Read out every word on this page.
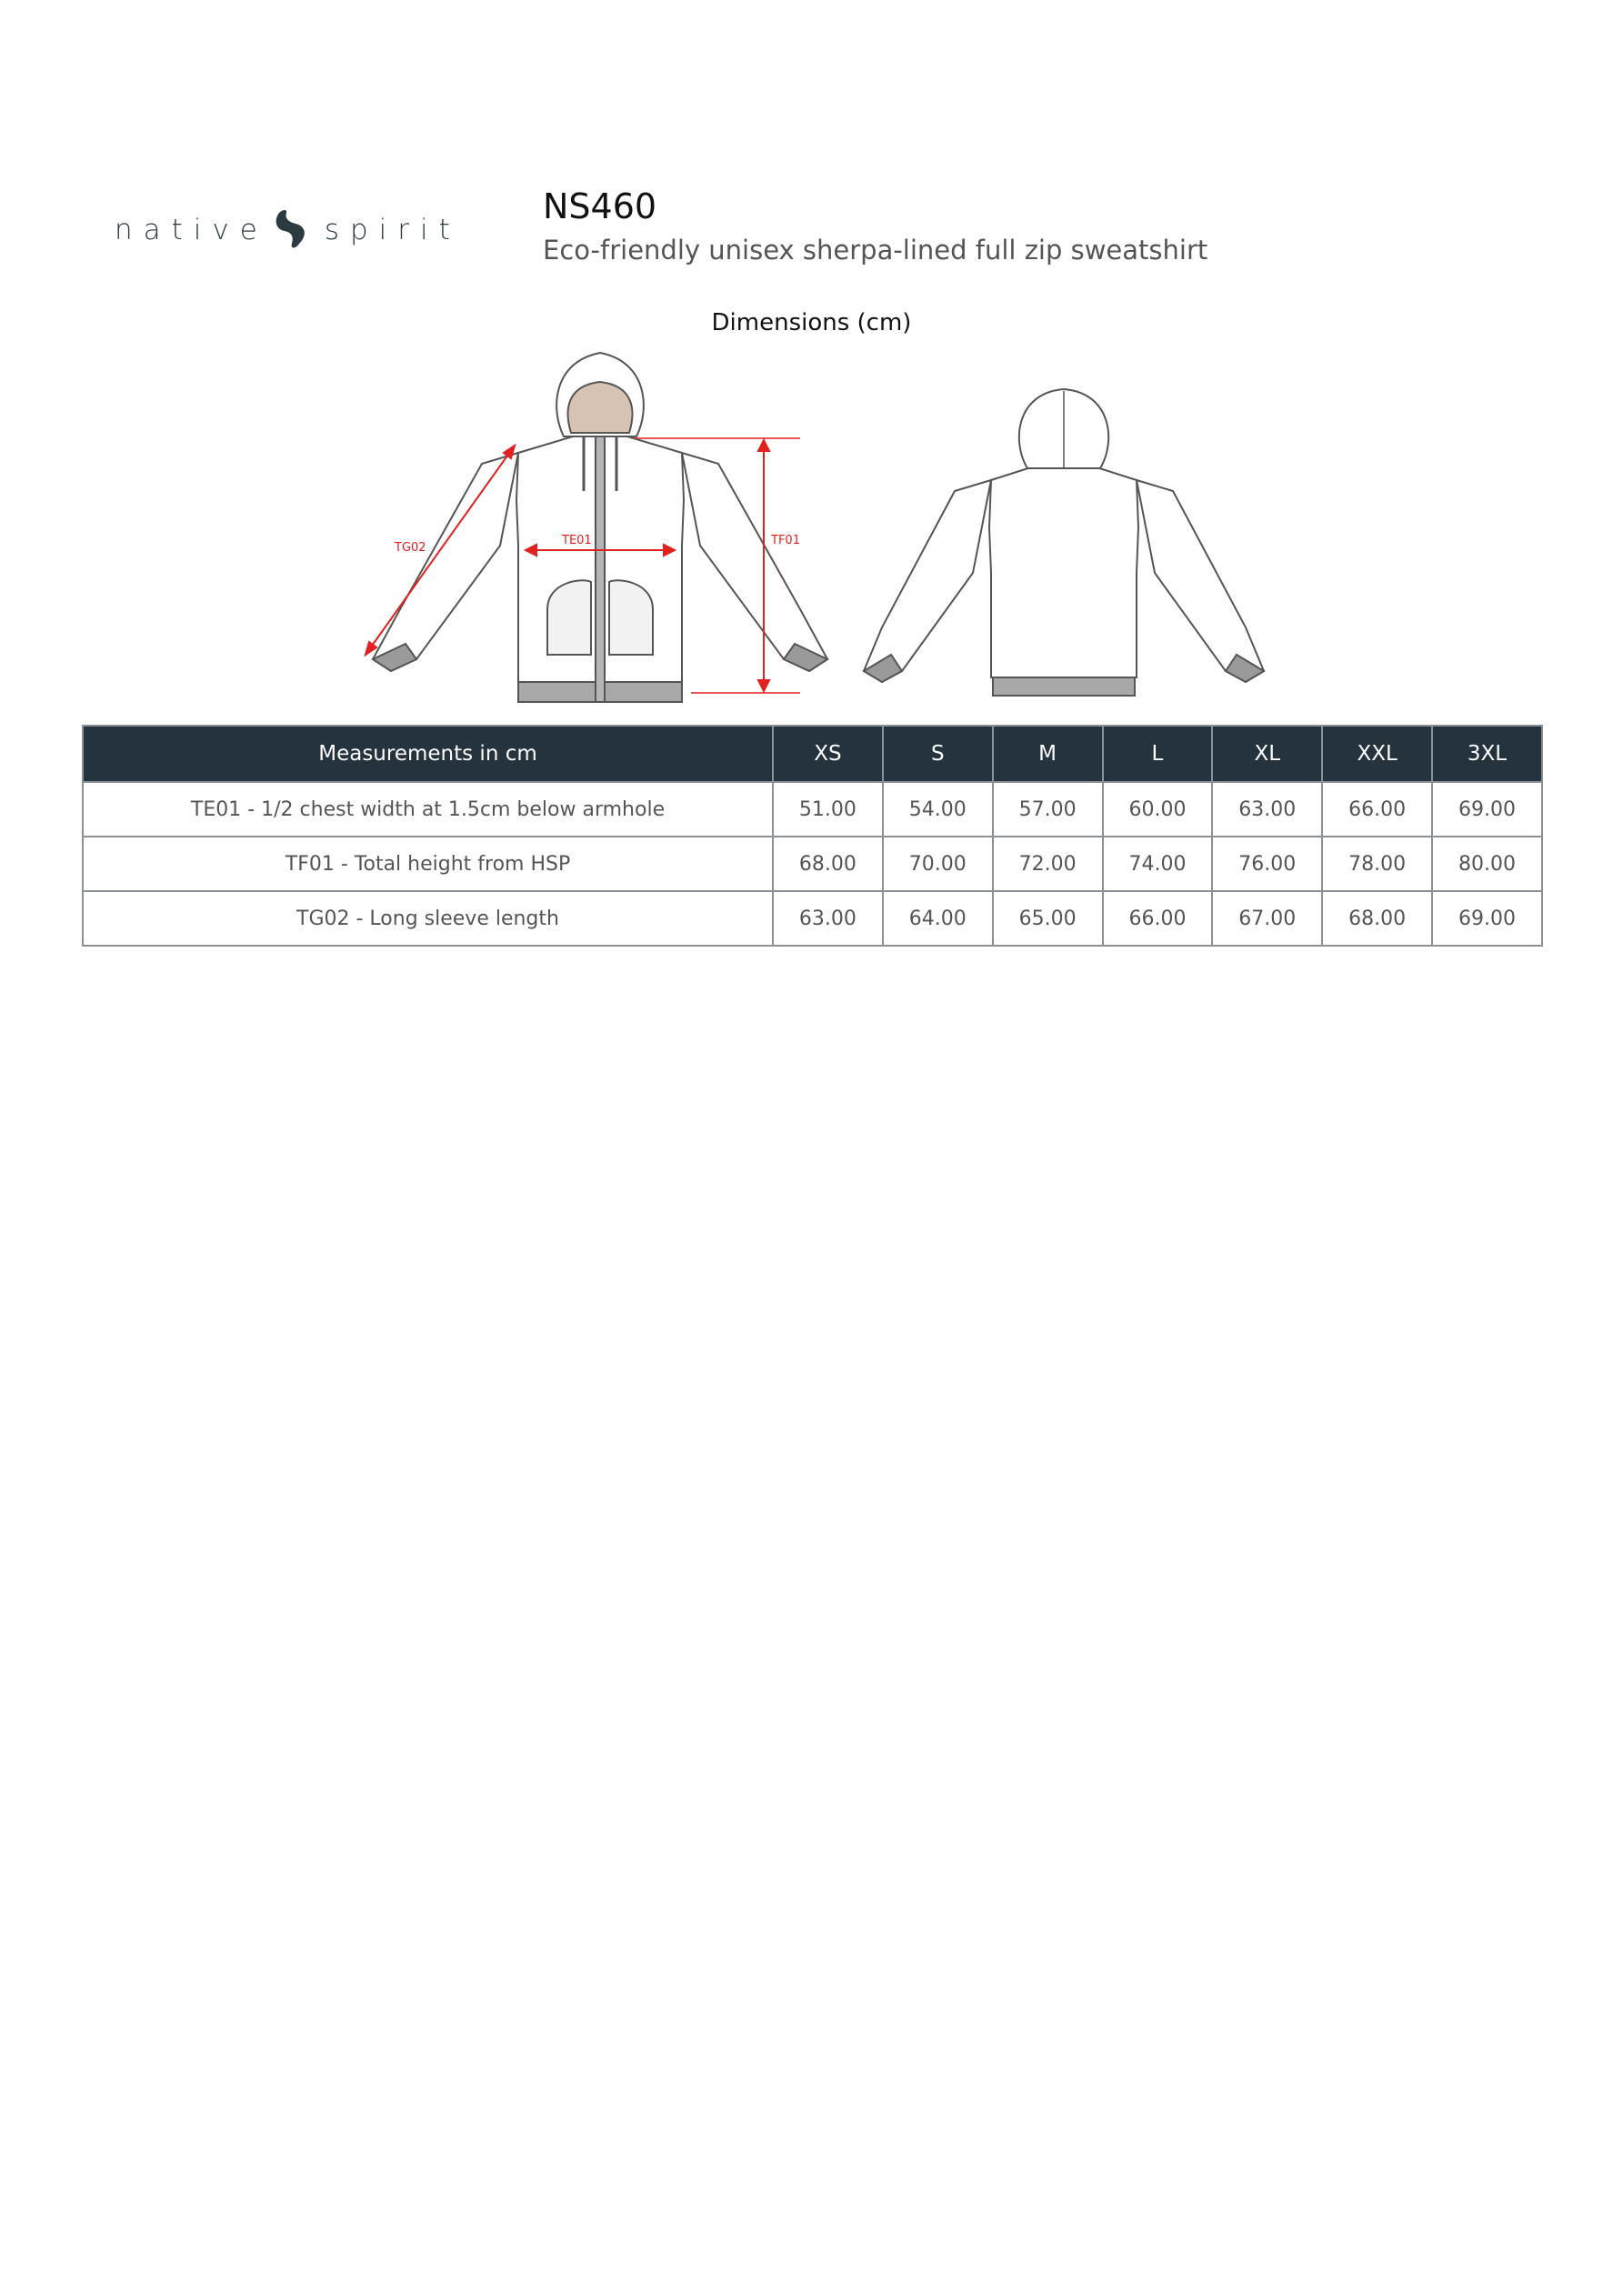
native spirit
NS460
Eco-friendly unisex sherpa-lined full zip sweatshirt
Dimensions (cm)
TE01	TF01
TG02
Measurements in cm	XS	S	M	L	XL	XXL	3XL
TE01 - 1/2 chest width at 1.5cm below armhole	51.00	54.00	57.00	60.00	63.00	66.00	69.00
TF01 - Total height from HSP	68.00	70.00	72.00	74.00	76.00	78.00	80.00
TG02 - Long sleeve length	63.00	64.00	65.00	66.00	67.00	68.00	69.00
